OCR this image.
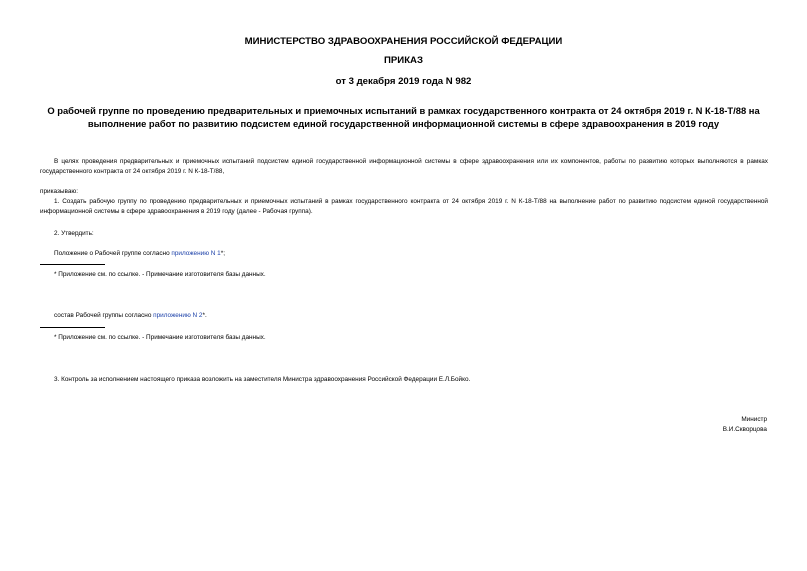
МИНИСТЕРСТВО ЗДРАВООХРАНЕНИЯ РОССИЙСКОЙ ФЕДЕРАЦИИ
ПРИКАЗ
от 3 декабря 2019 года N 982
О рабочей группе по проведению предварительных и приемочных испытаний в рамках государственного контракта от 24 октября 2019 г. N К-18-Т/88 на
выполнение работ по развитию подсистем единой государственной информационной системы в сфере здравоохранения в 2019 году
В целях проведения предварительных и приемочных испытаний подсистем единой государственной информационной системы в сфере здравоохранения или их компонентов, работы по развитию которых выполняются в рамках государственного контракта от 24 октября 2019 г. N К-18-Т/88,
приказываю:
1. Создать рабочую группу по проведению предварительных и приемочных испытаний в рамках государственного контракта от 24 октября 2019 г. N К-18-Т/88 на выполнение работ по развитию подсистем единой государственной информационной системы в сфере здравоохранения в 2019 году (далее - Рабочая группа).
2. Утвердить:
Положение о Рабочей группе согласно приложению N 1*;
* Приложение см. по ссылке. - Примечание изготовителя базы данных.
состав Рабочей группы согласно приложению N 2*.
* Приложение см. по ссылке. - Примечание изготовителя базы данных.
3. Контроль за исполнением настоящего приказа возложить на заместителя Министра здравоохранения Российской Федерации Е.Л.Бойко.
Министр
В.И.Скворцова
